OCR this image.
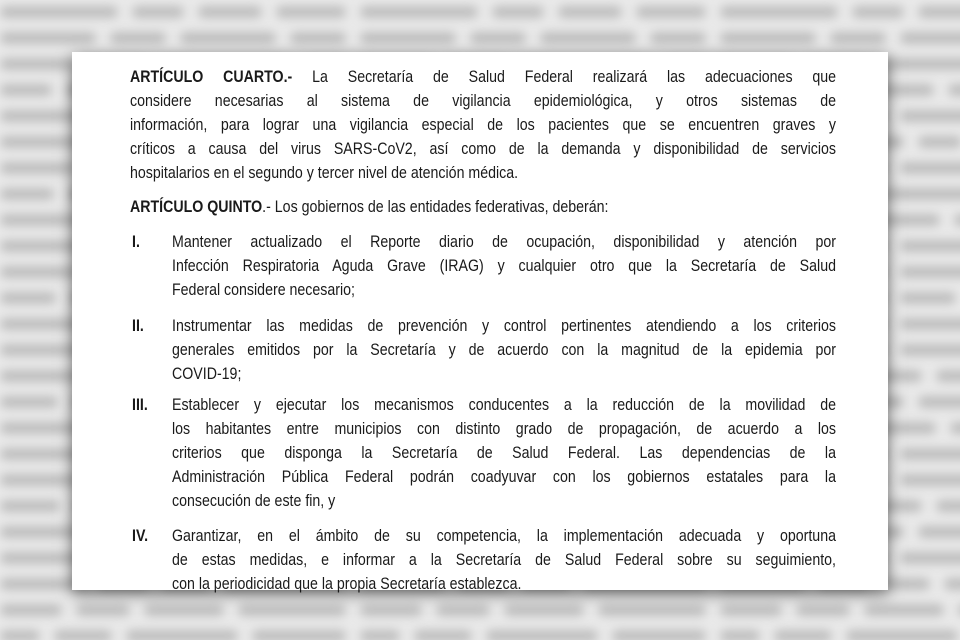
ARTÍCULO CUARTO.- La Secretaría de Salud Federal realizará las adecuaciones que
ARTÍCULO QUINTO.- Los gobiernos de las entidades federativas, deberán:
considere necesarias al sistema de vigilancia epidemiológica, y otros sistemas de
información, para lograr una vigilancia especial de los pacientes que se encuentren graves y
críticos a causa del virus SARS-CoV2, así como de la demanda y disponibilidad de servicios
hospitalarios en el segundo y tercer nivel de atención médica.
I. Mantener actualizado el Reporte diario de ocupación, disponibilidad y atención por
Infección Respiratoria Aguda Grave (IRAG) y cualquier otro que la Secretaría de Salud
Federal considere necesario;
II. Instrumentar las medidas de prevención y control pertinentes atendiendo a los criterios
generales emitidos por la Secretaría y de acuerdo con la magnitud de la epidemia por
COVID-19;
III. Establecer y ejecutar los mecanismos conducentes a la reducción de la movilidad de
los habitantes entre municipios con distinto grado de propagación, de acuerdo a los
criterios que disponga la Secretaría de Salud Federal. Las dependencias de la
Administración Pública Federal podrán coadyuvar con los gobiernos estatales para la
consecución de este fin, y
IV. Garantizar, en el ámbito de su competencia, la implementación adecuada y oportuna
de estas medidas, e informar a la Secretaría de Salud Federal sobre su seguimiento,
con la periodicidad que la propia Secretaría establezca.
